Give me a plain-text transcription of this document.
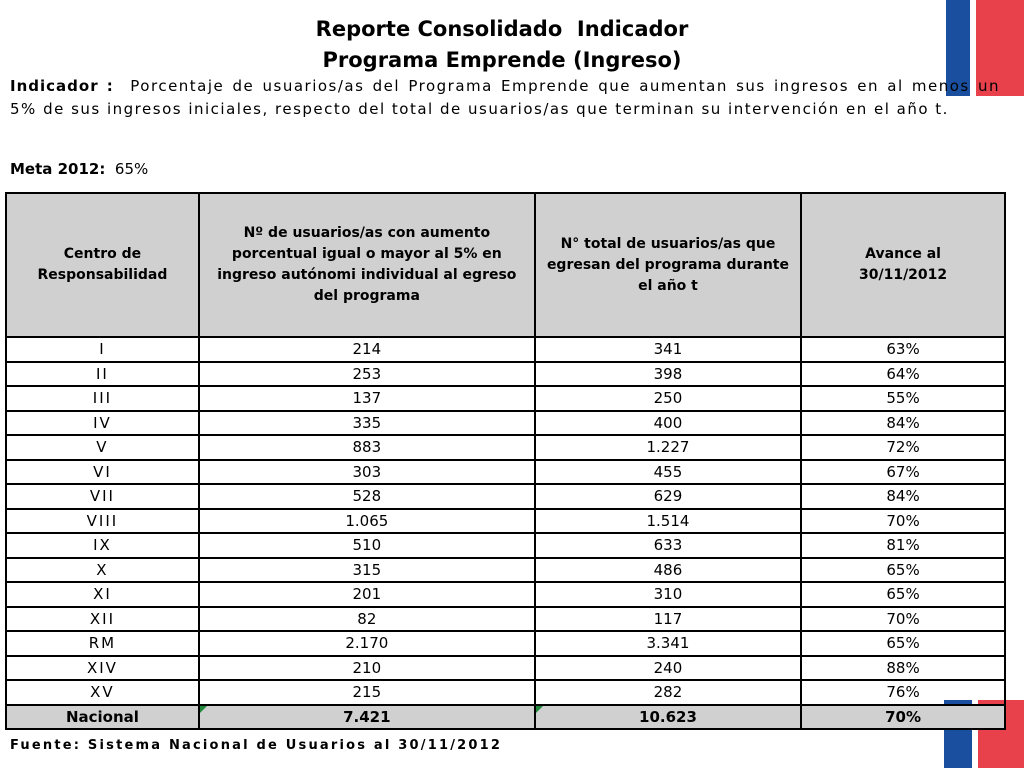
Reporte Consolidado  Indicador
Programa Emprende (Ingreso)
Indicador : Porcentaje de usuarios/as del Programa Emprende que aumentan sus ingresos en al menos un 5% de sus ingresos iniciales, respecto del total de usuarios/as que terminan su intervención en el año t.
Meta 2012: 65%
Centro de Responsabilidad	Nº de usuarios/as con aumento porcentual igual o mayor al 5% en ingreso autónomi individual al egreso del programa	N° total de usuarios/as que egresan del programa durante el año t	Avance al 30/11/2012
I	214	341	63%
II	253	398	64%
III	137	250	55%
IV	335	400	84%
V	883	1.227	72%
VI	303	455	67%
VII	528	629	84%
VIII	1.065	1.514	70%
IX	510	633	81%
X	315	486	65%
XI	201	310	65%
XII	82	117	70%
RM	2.170	3.341	65%
XIV	210	240	88%
XV	215	282	76%
Nacional	7.421	10.623	70%
Fuente: Sistema Nacional de Usuarios al 30/11/2012
